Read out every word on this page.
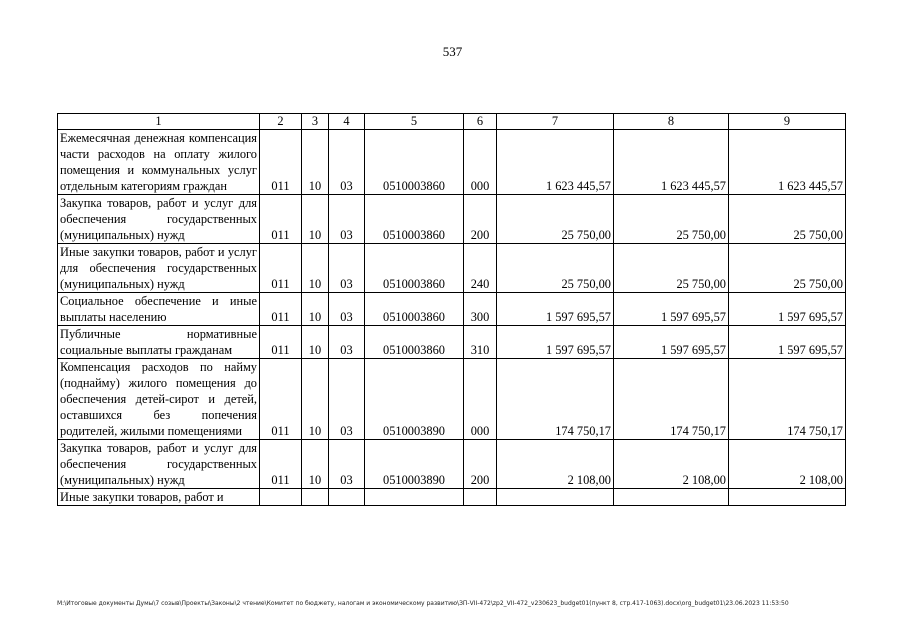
537
1	2	3	4	5	6	7	8	9
Ежемесячная денежная компенсация части расходов на оплату жилого помещения и коммунальных услуг отдельным категориям граждан	011	10	03	0510003860	000	1 623 445,57	1 623 445,57	1 623 445,57
Закупка товаров, работ и услуг для обеспечения государственных (муниципальных) нужд	011	10	03	0510003860	200	25 750,00	25 750,00	25 750,00
Иные закупки товаров, работ и услуг для обеспечения государственных (муниципальных) нужд	011	10	03	0510003860	240	25 750,00	25 750,00	25 750,00
Социальное обеспечение и иные выплаты населению	011	10	03	0510003860	300	1 597 695,57	1 597 695,57	1 597 695,57
Публичные нормативные социальные выплаты гражданам	011	10	03	0510003860	310	1 597 695,57	1 597 695,57	1 597 695,57
Компенсация расходов по найму (поднайму) жилого помещения до обеспечения детей-сирот и детей, оставшихся без попечения родителей, жилыми помещениями	011	10	03	0510003890	000	174 750,17	174 750,17	174 750,17
Закупка товаров, работ и услуг для обеспечения государственных (муниципальных) нужд	011	10	03	0510003890	200	2 108,00	2 108,00	2 108,00
Иные закупки товаров, работ и								
M:\Итоговые документы Думы\7 созыв\Проекты\Законы\2 чтение\Комитет по бюджету, налогам и экономическому развитию\ЗП-VII-472\zp2_VII-472_v230623_budget01(пункт 8, стр.417-1063).docx\org_budget01\23.06.2023 11:53:50
